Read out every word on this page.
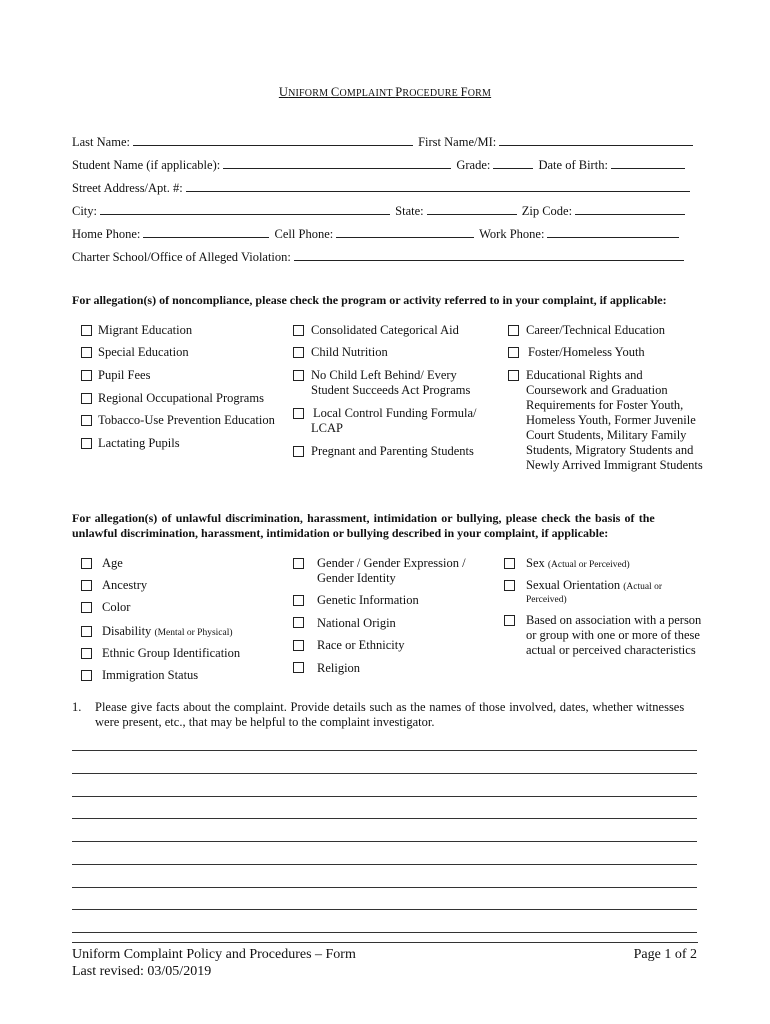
UNIFORM COMPLAINT PROCEDURE FORM
Last Name:	First Name/MI:
Student Name (if applicable):	Grade:	Date of Birth:
Street Address/Apt. #:
City:	State:	Zip Code:
Home Phone:	Cell Phone:	Work Phone:
Charter School/Office of Alleged Violation:
For allegation(s) of noncompliance, please check the program or activity referred to in your complaint, if applicable:
Migrant Education
Special Education
Pupil Fees
Regional Occupational Programs
Tobacco-Use Prevention Education
Lactating Pupils
Consolidated Categorical Aid
Child Nutrition
No Child Left Behind/ Every
Student Succeeds Act Programs
Local Control Funding Formula/
LCAP
Pregnant and Parenting Students
Career/Technical Education
Foster/Homeless Youth
Educational Rights and
Coursework and Graduation
Requirements for Foster Youth,
Homeless Youth, Former Juvenile
Court Students, Military Family
Students, Migratory Students and
Newly Arrived Immigrant Students
For allegation(s) of unlawful discrimination, harassment, intimidation or bullying, please check the basis of the
unlawful discrimination, harassment, intimidation or bullying described in your complaint, if applicable:
Age
Ancestry
Color
Disability (Mental or Physical)
Ethnic Group Identification
Immigration Status
Gender / Gender Expression /
Gender Identity
Genetic Information
National Origin
Race or Ethnicity
Religion
Sex (Actual or Perceived)
Sexual Orientation (Actual or
Perceived)
Based on association with a person
or group with one or more of these
actual or perceived characteristics
1. Please give facts about the complaint. Provide details such as the names of those involved, dates, whether witnesses
were present, etc., that may be helpful to the complaint investigator.
Uniform Complaint Policy and Procedures – Form
Last revised: 03/05/2019
Page 1 of 2
